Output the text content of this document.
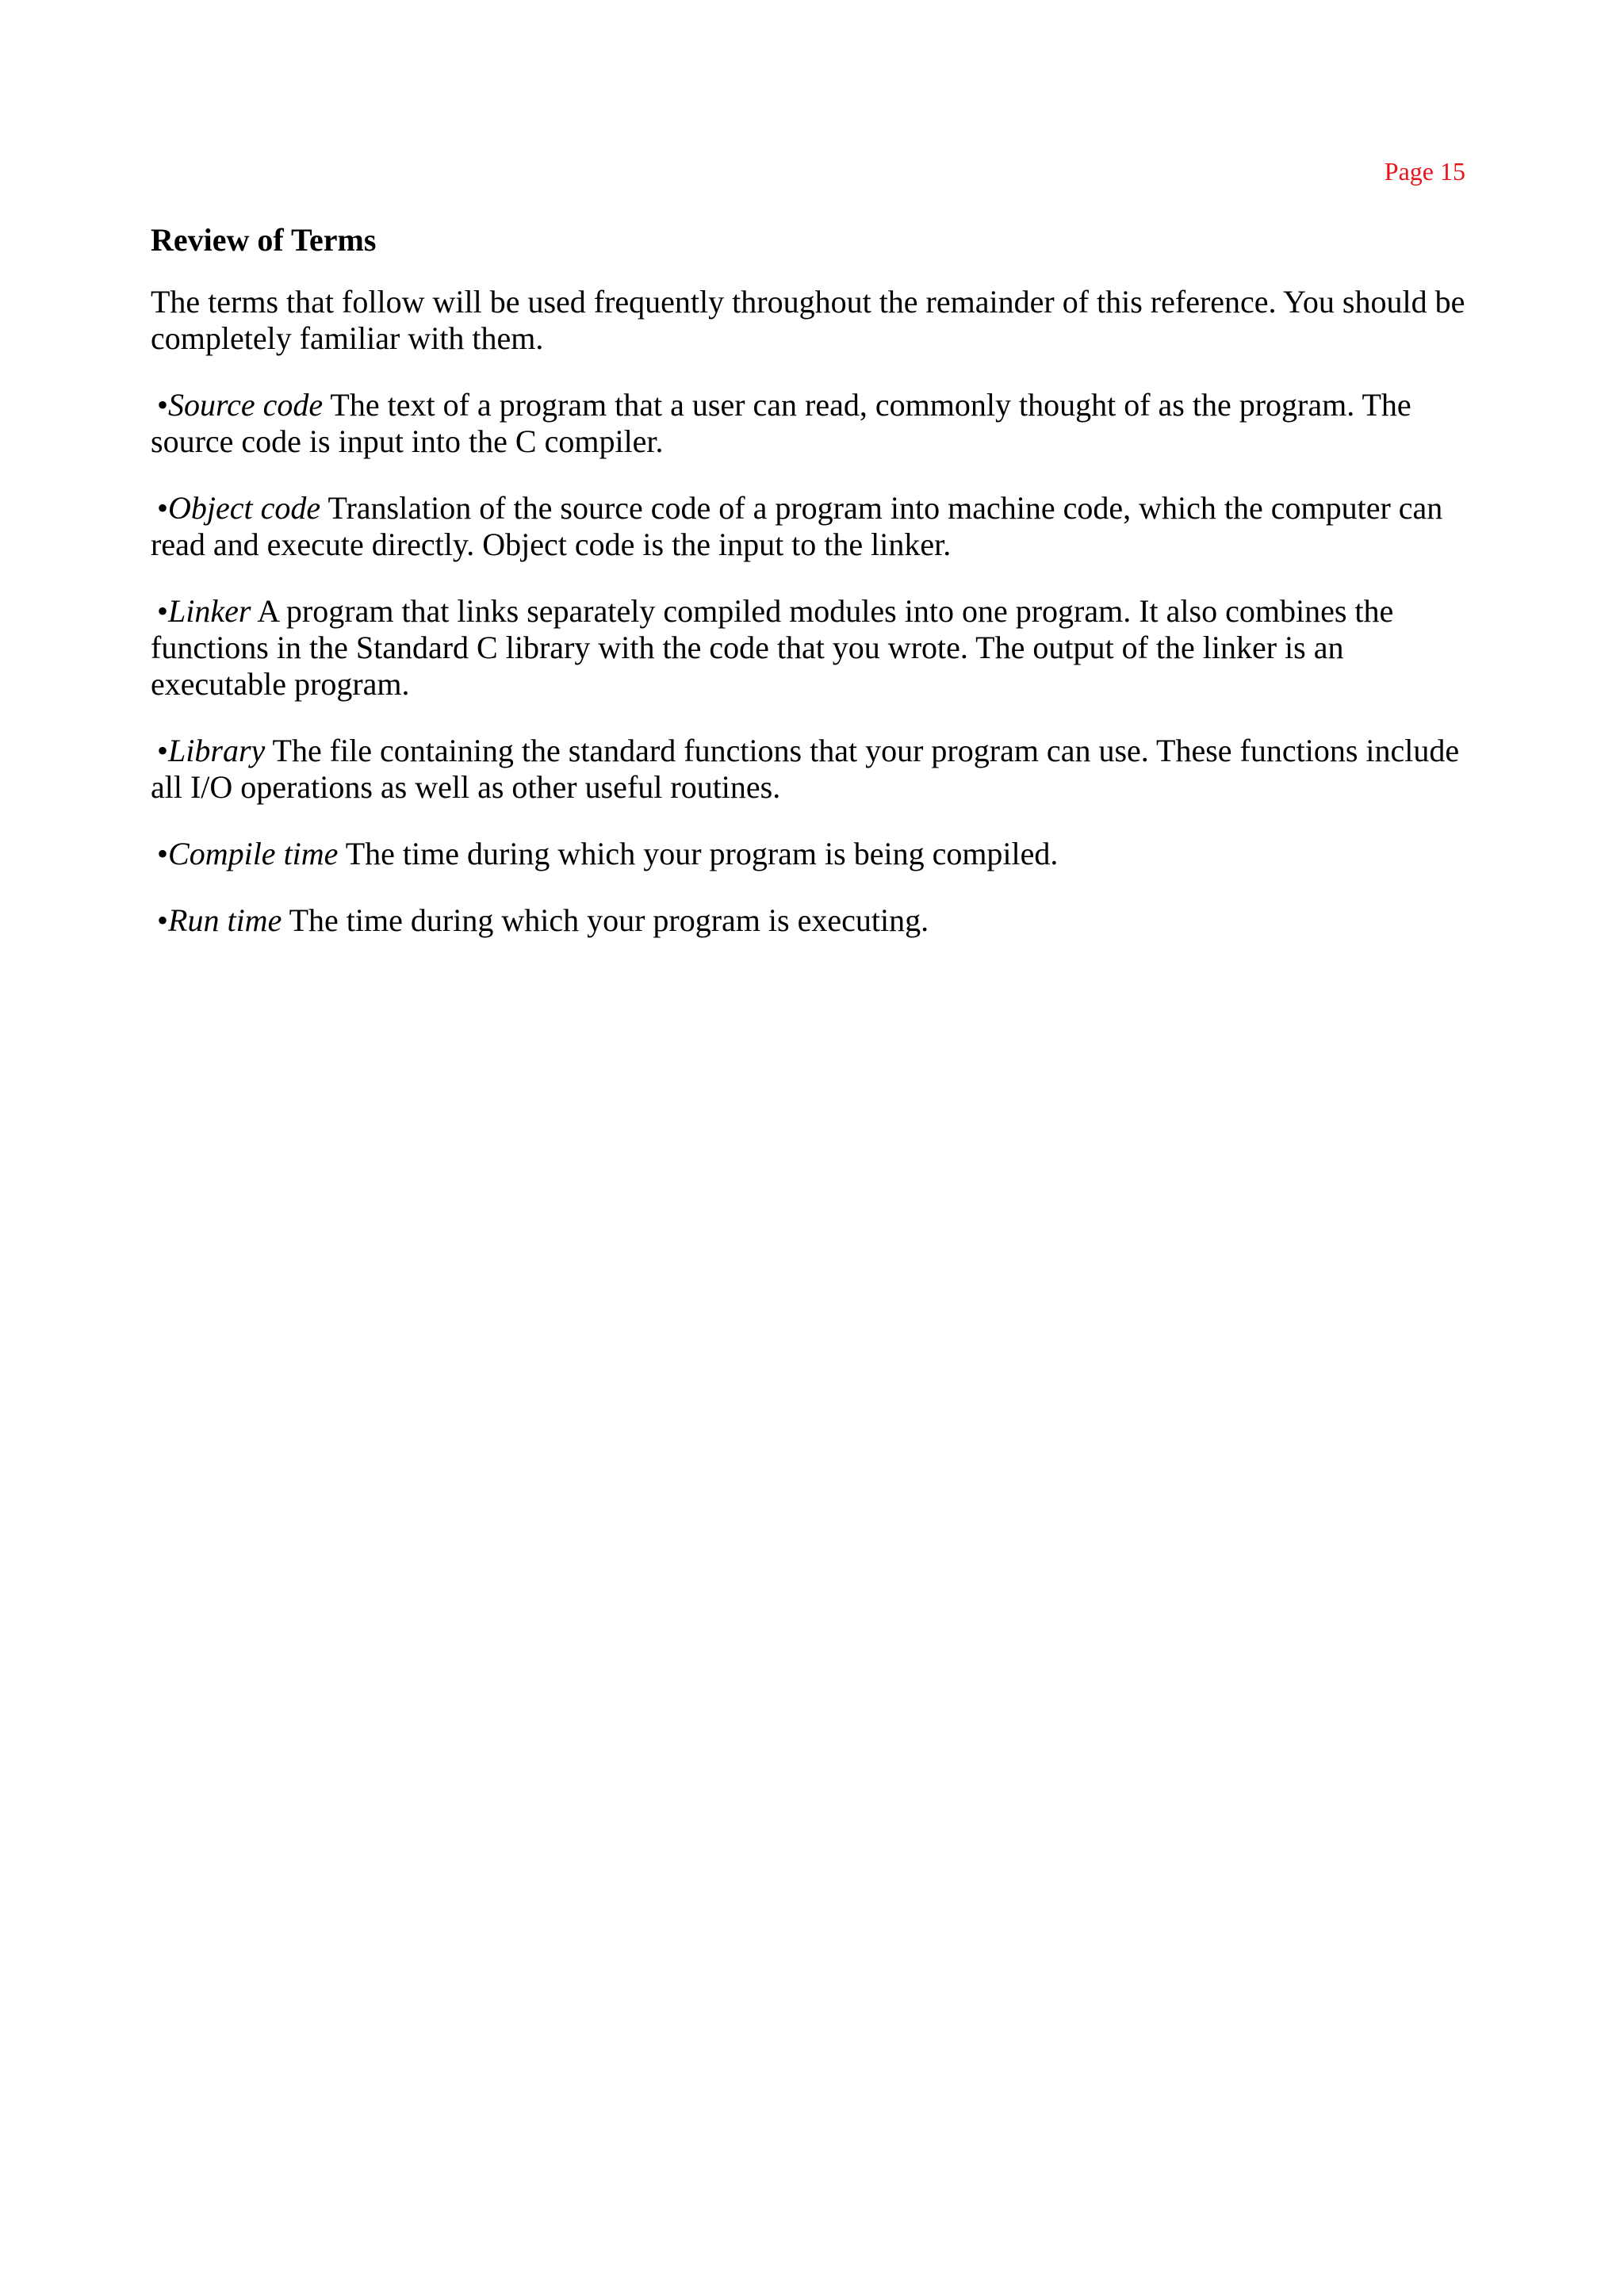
Page 15
Review of Terms
The terms that follow will be used frequently throughout the remainder of this reference. You should be completely familiar with them.
•Source code The text of a program that a user can read, commonly thought of as the program. The source code is input into the C compiler.
•Object code Translation of the source code of a program into machine code, which the computer can read and execute directly. Object code is the input to the linker.
•Linker A program that links separately compiled modules into one program. It also combines the functions in the Standard C library with the code that you wrote. The output of the linker is an executable program.
•Library The file containing the standard functions that your program can use. These functions include all I/O operations as well as other useful routines.
•Compile time The time during which your program is being compiled.
•Run time The time during which your program is executing.
